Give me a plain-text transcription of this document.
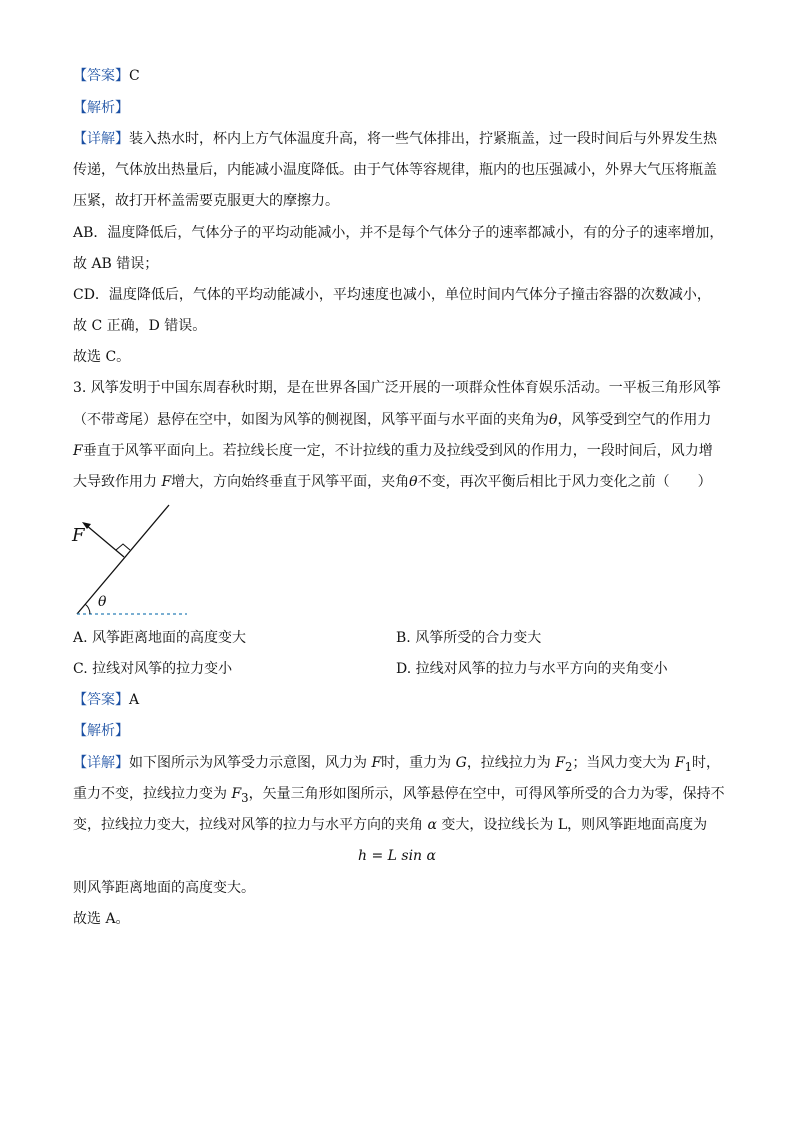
【答案】C
【解析】
【详解】装入热水时，杯内上方气体温度升高，将一些气体排出，拧紧瓶盖，过一段时间后与外界发生热
传递，气体放出热量后，内能减小温度降低。由于气体等容规律，瓶内的也压强减小，外界大气压将瓶盖
压紧，故打开杯盖需要克服更大的摩擦力。
AB．温度降低后，气体分子的平均动能减小，并不是每个气体分子的速率都减小，有的分子的速率增加，
故 AB 错误；
CD．温度降低后，气体的平均动能减小，平均速度也减小，单位时间内气体分子撞击容器的次数减小，
故 C 正确，D 错误。
故选 C。
3. 风筝发明于中国东周春秋时期，是在世界各国广泛开展的一项群众性体育娱乐活动。一平板三角形风筝
（不带鸢尾）悬停在空中，如图为风筝的侧视图，风筝平面与水平面的夹角为θ，风筝受到空气的作用力
F垂直于风筝平面向上。若拉线长度一定，不计拉线的重力及拉线受到风的作用力，一段时间后，风力增
大导致作用力 F增大，方向始终垂直于风筝平面，夹角θ不变，再次平衡后相比于风力变化之前（　　）
F
θ
A. 风筝距离地面的高度变大	B. 风筝所受的合力变大
C. 拉线对风筝的拉力变小	D. 拉线对风筝的拉力与水平方向的夹角变小
【答案】A
【解析】
【详解】如下图所示为风筝受力示意图，风力为 F时，重力为 G，拉线拉力为 $F_2$；当风力变大为 $F_1$时，
重力不变，拉线拉力变为 $F_3$，矢量三角形如图所示，风筝悬停在空中，可得风筝所受的合力为零，保持不
变，拉线拉力变大，拉线对风筝的拉力与水平方向的夹角 α 变大，设拉线长为 L，则风筝距地面高度为
h = L sin α
则风筝距离地面的高度变大。
故选 A。
